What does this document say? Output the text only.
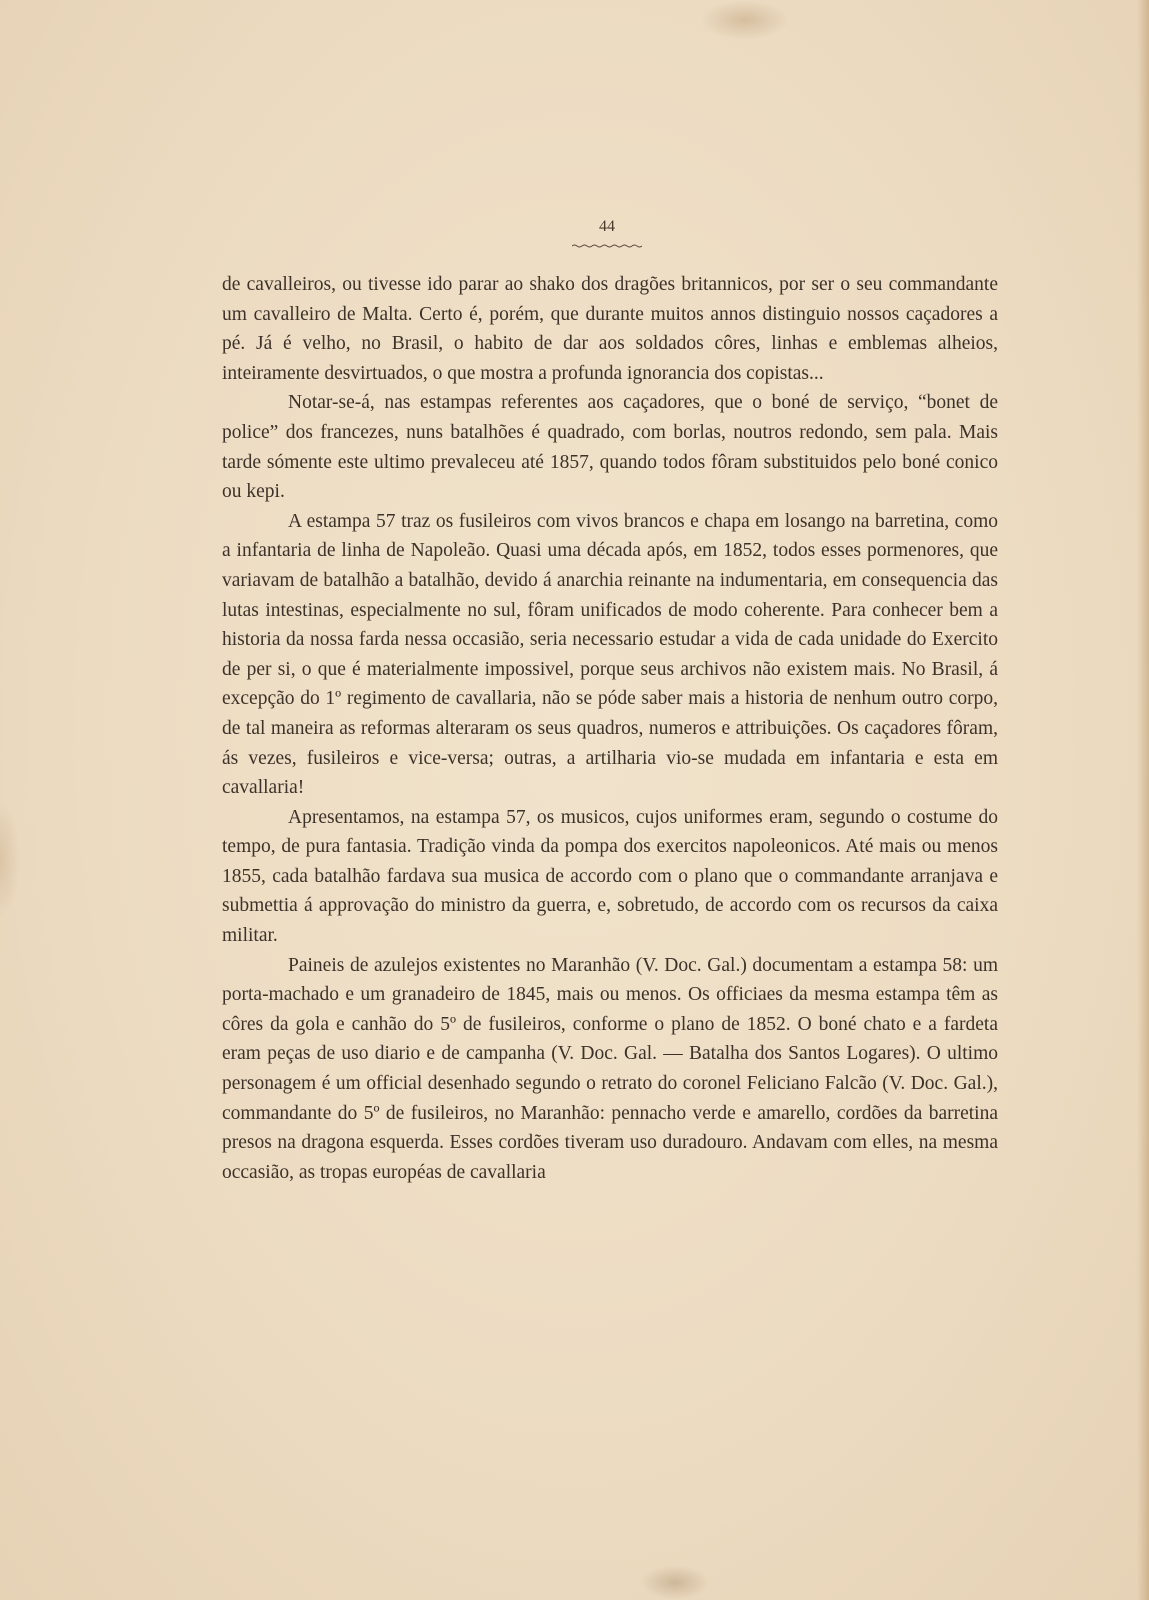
44

de cavalleiros, ou tivesse ido parar ao shako dos dragões britannicos, por ser o seu commandante um cavalleiro de Malta. Certo é, porém, que durante muitos annos distinguio nossos caçadores a pé. Já é velho, no Brasil, o habito de dar aos soldados côres, linhas e emblemas alheios, inteiramente desvirtuados, o que mostra a profunda ignorancia dos copistas...

Notar-se-á, nas estampas referentes aos caçadores, que o boné de serviço, “bonet de police” dos francezes, nuns batalhões é quadrado, com borlas, noutros redondo, sem pala. Mais tarde sómente este ultimo prevaleceu até 1857, quando todos fôram substituidos pelo boné conico ou kepi.

A estampa 57 traz os fusileiros com vivos brancos e chapa em losango na barretina, como a infantaria de linha de Napoleão. Quasi uma década após, em 1852, todos esses pormenores, que variavam de batalhão a batalhão, devido á anarchia reinante na indumentaria, em consequencia das lutas intestinas, especialmente no sul, fôram unificados de modo coherente. Para conhecer bem a historia da nossa farda nessa occasião, seria necessario estudar a vida de cada unidade do Exercito de per si, o que é materialmente impossivel, porque seus archivos não existem mais. No Brasil, á excepção do 1º regimento de cavallaria, não se póde saber mais a historia de nenhum outro corpo, de tal maneira as reformas alteraram os seus quadros, numeros e attribuições. Os caçadores fôram, ás vezes, fusileiros e vice-versa; outras, a artilharia vio-se mudada em infantaria e esta em cavallaria!

Apresentamos, na estampa 57, os musicos, cujos uniformes eram, segundo o costume do tempo, de pura fantasia. Tradição vinda da pompa dos exercitos napoleonicos. Até mais ou menos 1855, cada batalhão fardava sua musica de accordo com o plano que o commandante arranjava e submettia á approvação do ministro da guerra, e, sobretudo, de accordo com os recursos da caixa militar.

Paineis de azulejos existentes no Maranhão (V. Doc. Gal.) documentam a estampa 58: um porta-machado e um granadeiro de 1845, mais ou menos. Os officiaes da mesma estampa têm as côres da gola e canhão do 5º de fusileiros, conforme o plano de 1852. O boné chato e a fardeta eram peças de uso diario e de campanha (V. Doc. Gal. — Batalha dos Santos Logares). O ultimo personagem é um official desenhado segundo o retrato do coronel Feliciano Falcão (V. Doc. Gal.), commandante do 5º de fusileiros, no Maranhão: pennacho verde e amarello, cordões da barretina presos na dragona esquerda. Esses cordões tiveram uso duradouro. Andavam com elles, na mesma occasião, as tropas européas de cavallaria
